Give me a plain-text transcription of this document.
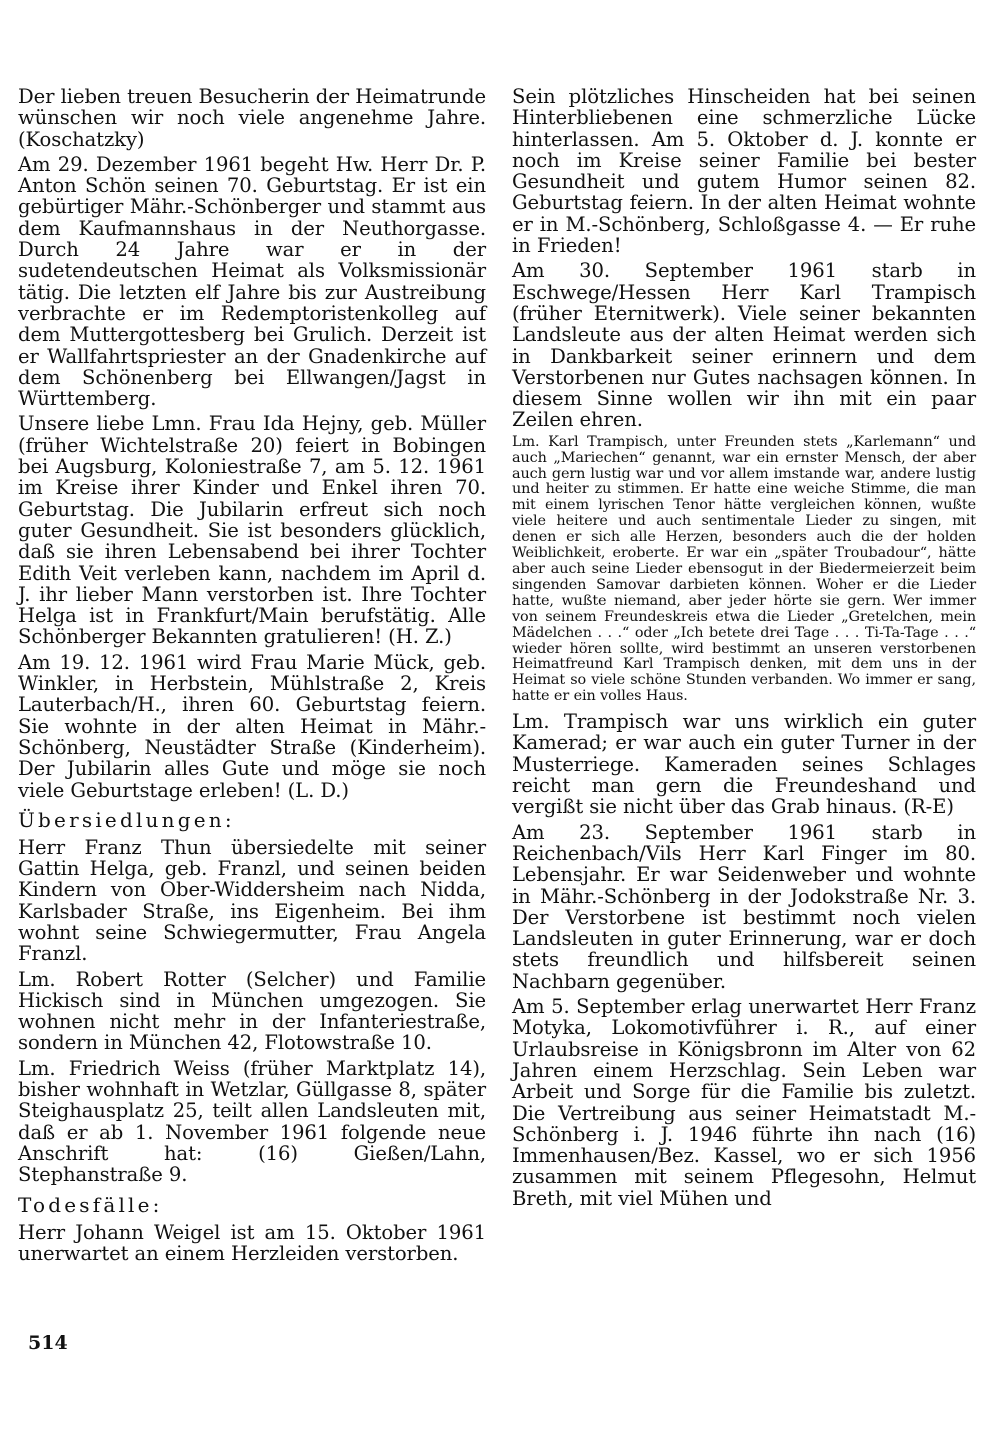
Der lieben treuen Besucherin der Heimatrunde wünschen wir noch viele angenehme Jahre. (Koschatzky)

Am 29. Dezember 1961 begeht Hw. Herr Dr. P. Anton Schön seinen 70. Geburtstag. Er ist ein gebürtiger Mähr.-Schönberger und stammt aus dem Kaufmannshaus in der Neuthorgasse. Durch 24 Jahre war er in der sudetendeutschen Heimat als Volksmissionär tätig. Die letzten elf Jahre bis zur Austreibung verbrachte er im Redemptoristenkolleg auf dem Muttergottesberg bei Grulich. Derzeit ist er Wallfahrtspriester an der Gnadenkirche auf dem Schönenberg bei Ellwangen/Jagst in Württemberg.

Unsere liebe Lmn. Frau Ida Hejny, geb. Müller (früher Wichtelstraße 20) feiert in Bobingen bei Augsburg, Koloniestraße 7, am 5. 12. 1961 im Kreise ihrer Kinder und Enkel ihren 70. Geburtstag. Die Jubilarin erfreut sich noch guter Gesundheit. Sie ist besonders glücklich, daß sie ihren Lebensabend bei ihrer Tochter Edith Veit verleben kann, nachdem im April d. J. ihr lieber Mann verstorben ist. Ihre Tochter Helga ist in Frankfurt/Main berufstätig. Alle Schönberger Bekannten gratulieren! (H. Z.)

Am 19. 12. 1961 wird Frau Marie Mück, geb. Winkler, in Herbstein, Mühlstraße 2, Kreis Lauterbach/H., ihren 60. Geburtstag feiern. Sie wohnte in der alten Heimat in Mähr.-Schönberg, Neustädter Straße (Kinderheim). Der Jubilarin alles Gute und möge sie noch viele Geburtstage erleben! (L. D.)

Übersiedlungen:

Herr Franz Thun übersiedelte mit seiner Gattin Helga, geb. Franzl, und seinen beiden Kindern von Ober-Widdersheim nach Nidda, Karlsbader Straße, ins Eigenheim. Bei ihm wohnt seine Schwiegermutter, Frau Angela Franzl.

Lm. Robert Rotter (Selcher) und Familie Hickisch sind in München umgezogen. Sie wohnen nicht mehr in der Infanteriestraße, sondern in München 42, Flotowstraße 10.

Lm. Friedrich Weiss (früher Marktplatz 14), bisher wohnhaft in Wetzlar, Güllgasse 8, später Steighausplatz 25, teilt allen Landsleuten mit, daß er ab 1. November 1961 folgende neue Anschrift hat: (16) Gießen/Lahn, Stephanstraße 9.

Todesfälle:

Herr Johann Weigel ist am 15. Oktober 1961 unerwartet an einem Herzleiden verstorben.

Sein plötzliches Hinscheiden hat bei seinen Hinterbliebenen eine schmerzliche Lücke hinterlassen. Am 5. Oktober d. J. konnte er noch im Kreise seiner Familie bei bester Gesundheit und gutem Humor seinen 82. Geburtstag feiern. In der alten Heimat wohnte er in M.-Schönberg, Schloßgasse 4. — Er ruhe in Frieden!

Am 30. September 1961 starb in Eschwege/Hessen Herr Karl Trampisch (früher Eternitwerk). Viele seiner bekannten Landsleute aus der alten Heimat werden sich in Dankbarkeit seiner erinnern und dem Verstorbenen nur Gutes nachsagen können. In diesem Sinne wollen wir ihn mit ein paar Zeilen ehren.

Lm. Karl Trampisch, unter Freunden stets „Karlemann“ und auch „Mariechen“ genannt, war ein ernster Mensch, der aber auch gern lustig war und vor allem imstande war, andere lustig und heiter zu stimmen. Er hatte eine weiche Stimme, die man mit einem lyrischen Tenor hätte vergleichen können, wußte viele heitere und auch sentimentale Lieder zu singen, mit denen er sich alle Herzen, besonders auch die der holden Weiblichkeit, eroberte. Er war ein „später Troubadour“, hätte aber auch seine Lieder ebensogut in der Biedermeierzeit beim singenden Samovar darbieten können. Woher er die Lieder hatte, wußte niemand, aber jeder hörte sie gern. Wer immer von seinem Freundeskreis etwa die Lieder „Gretelchen, mein Mädelchen . . .“ oder „Ich betete drei Tage . . . Ti-Ta-Tage . . .“ wieder hören sollte, wird bestimmt an unseren verstorbenen Heimatfreund Karl Trampisch denken, mit dem uns in der Heimat so viele schöne Stunden verbanden. Wo immer er sang, hatte er ein volles Haus.

Lm. Trampisch war uns wirklich ein guter Kamerad; er war auch ein guter Turner in der Musterriege. Kameraden seines Schlages reicht man gern die Freundeshand und vergißt sie nicht über das Grab hinaus. (R-E)

Am 23. September 1961 starb in Reichenbach/Vils Herr Karl Finger im 80. Lebensjahr. Er war Seidenweber und wohnte in Mähr.-Schönberg in der Jodokstraße Nr. 3. Der Verstorbene ist bestimmt noch vielen Landsleuten in guter Erinnerung, war er doch stets freundlich und hilfsbereit seinen Nachbarn gegenüber.

Am 5. September erlag unerwartet Herr Franz Motyka, Lokomotivführer i. R., auf einer Urlaubsreise in Königsbronn im Alter von 62 Jahren einem Herzschlag. Sein Leben war Arbeit und Sorge für die Familie bis zuletzt. Die Vertreibung aus seiner Heimatstadt M.-Schönberg i. J. 1946 führte ihn nach (16) Immenhausen/Bez. Kassel, wo er sich 1956 zusammen mit seinem Pflegesohn, Helmut Breth, mit viel Mühen und

514
